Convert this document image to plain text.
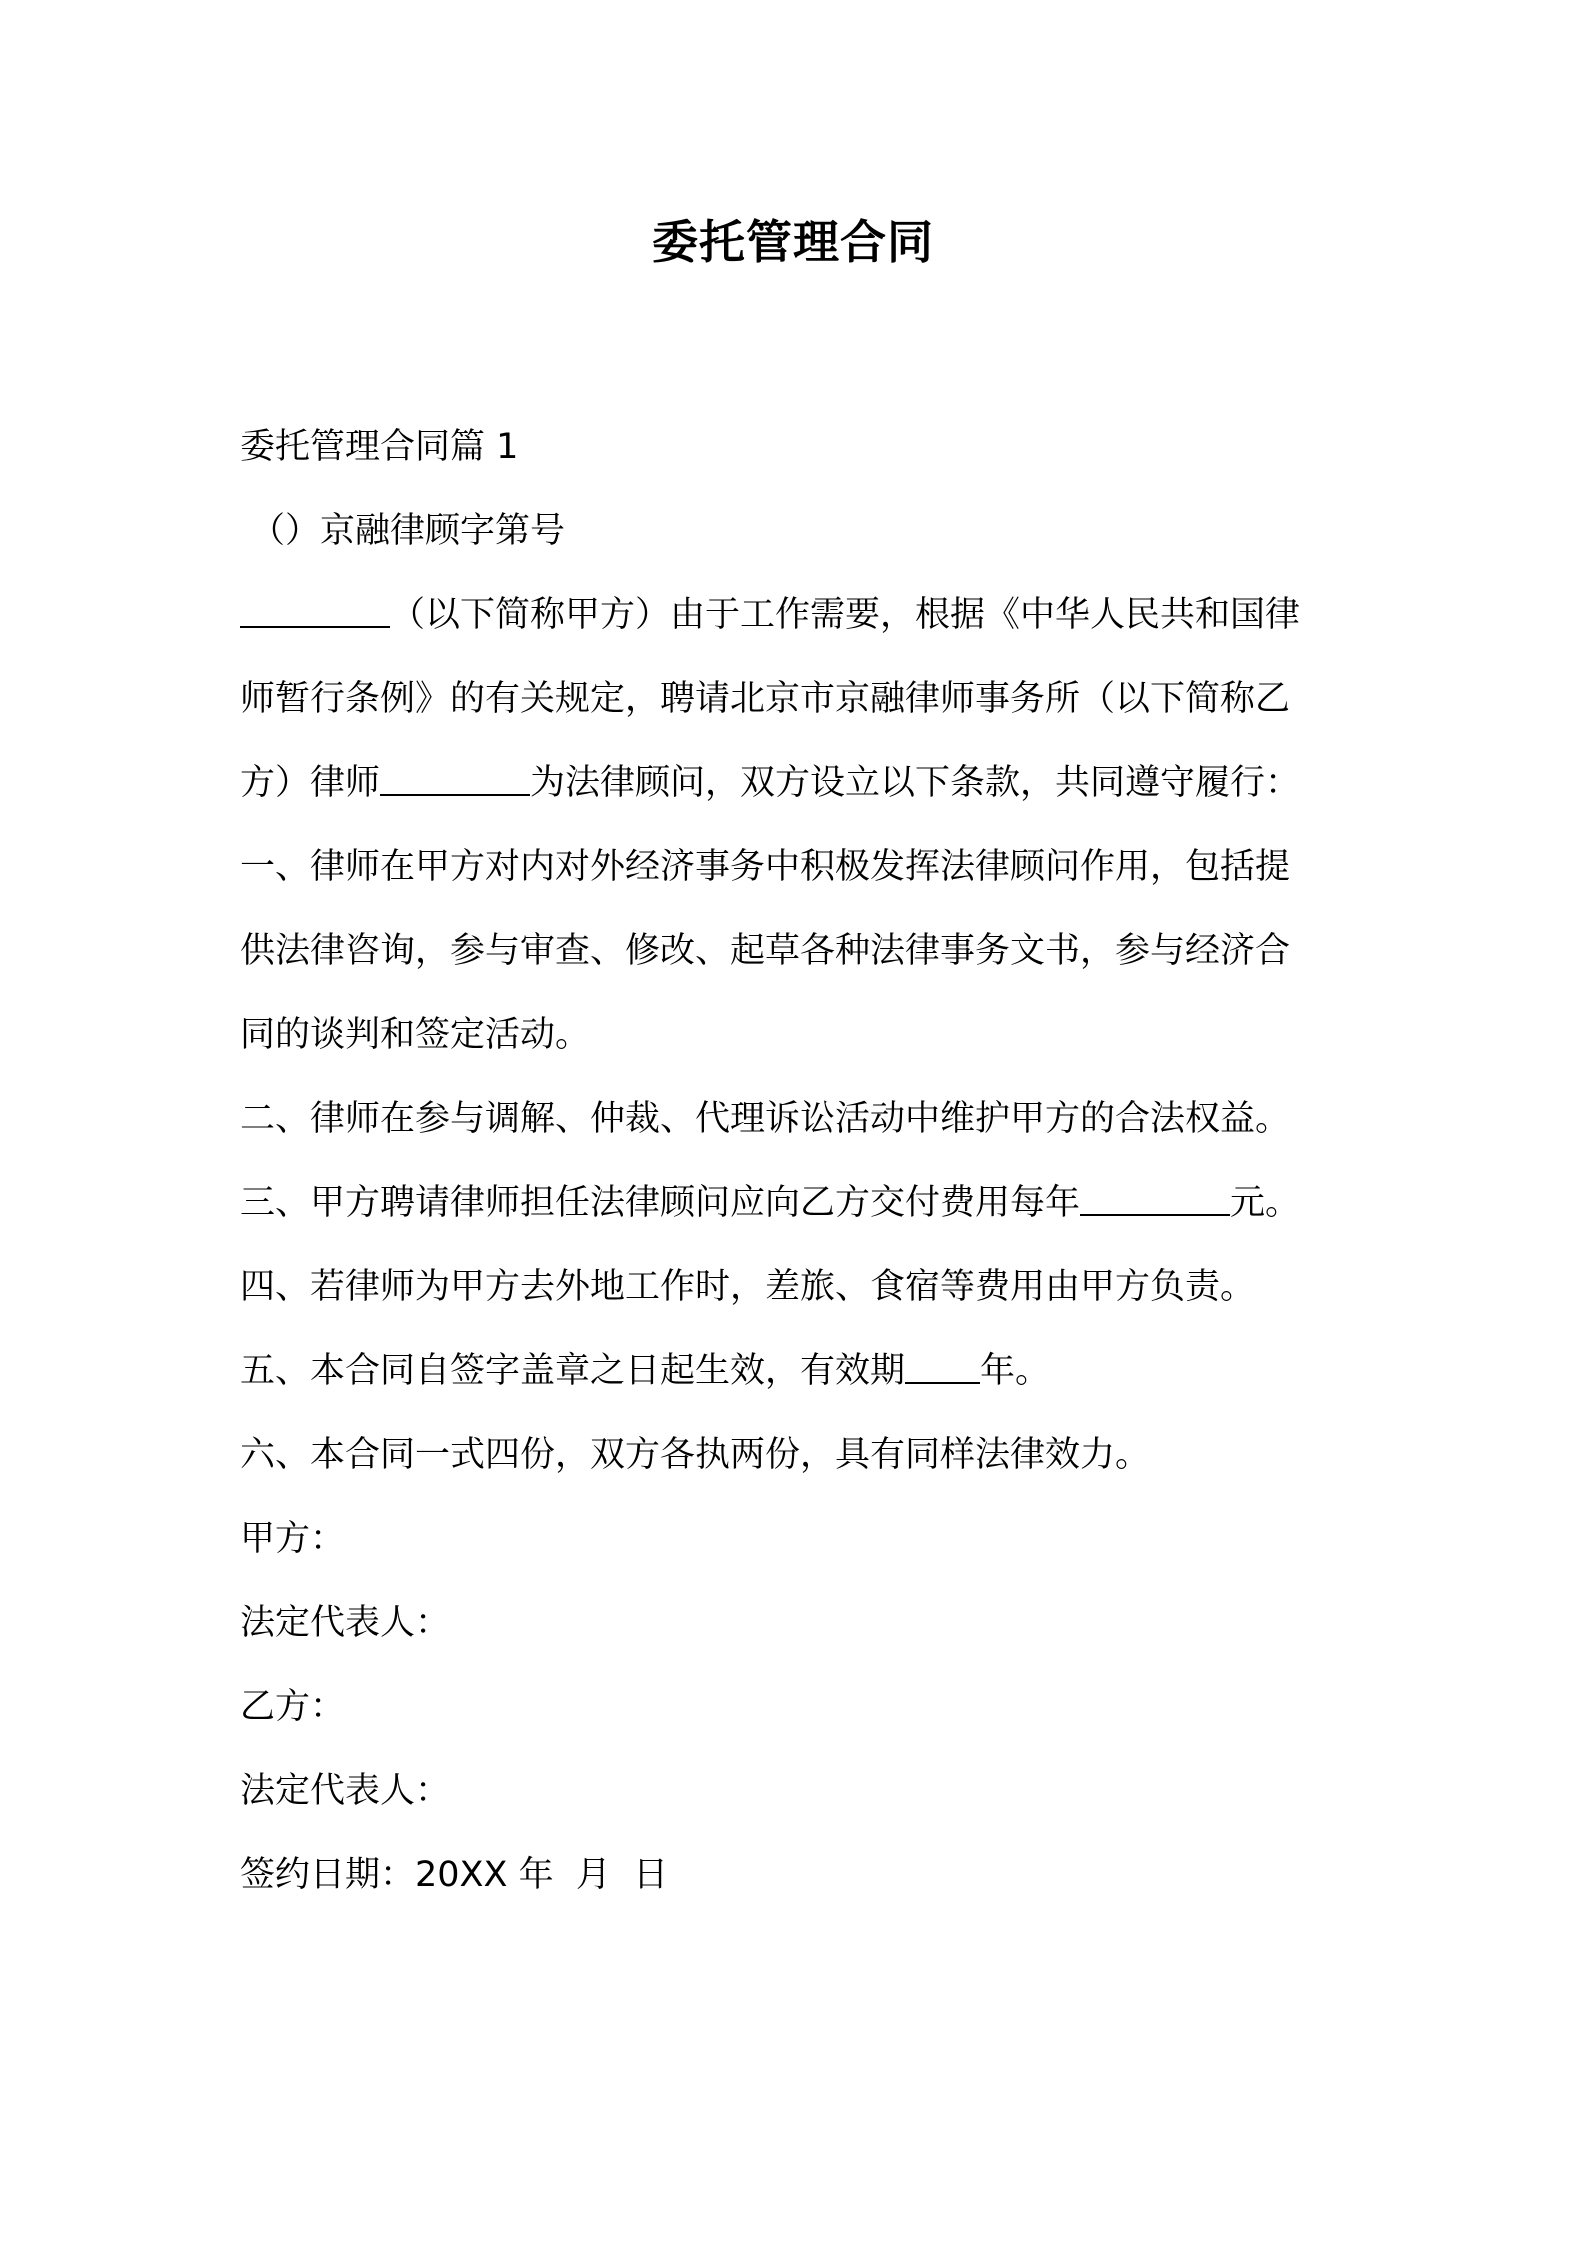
委托管理合同
委托管理合同篇 1
（）京融律顾字第号
（以下简称甲方）由于工作需要，根据《中华人民共和国律
师暂行条例》的有关规定，聘请北京市京融律师事务所（以下简称乙
方）律师	为法律顾问，双方设立以下条款，共同遵守履行：
一、律师在甲方对内对外经济事务中积极发挥法律顾问作用，包括提
供法律咨询，参与审查、修改、起草各种法律事务文书，参与经济合
同的谈判和签定活动。
二、律师在参与调解、仲裁、代理诉讼活动中维护甲方的合法权益。
三、甲方聘请律师担任法律顾问应向乙方交付费用每年	元。
四、若律师为甲方去外地工作时，差旅、食宿等费用由甲方负责。
五、本合同自签字盖章之日起生效，有效期 年。
六、本合同一式四份，双方各执两份，具有同样法律效力。
甲方：
法定代表人：
乙方：
法定代表人：
签约日期：20XX 年  月  日
